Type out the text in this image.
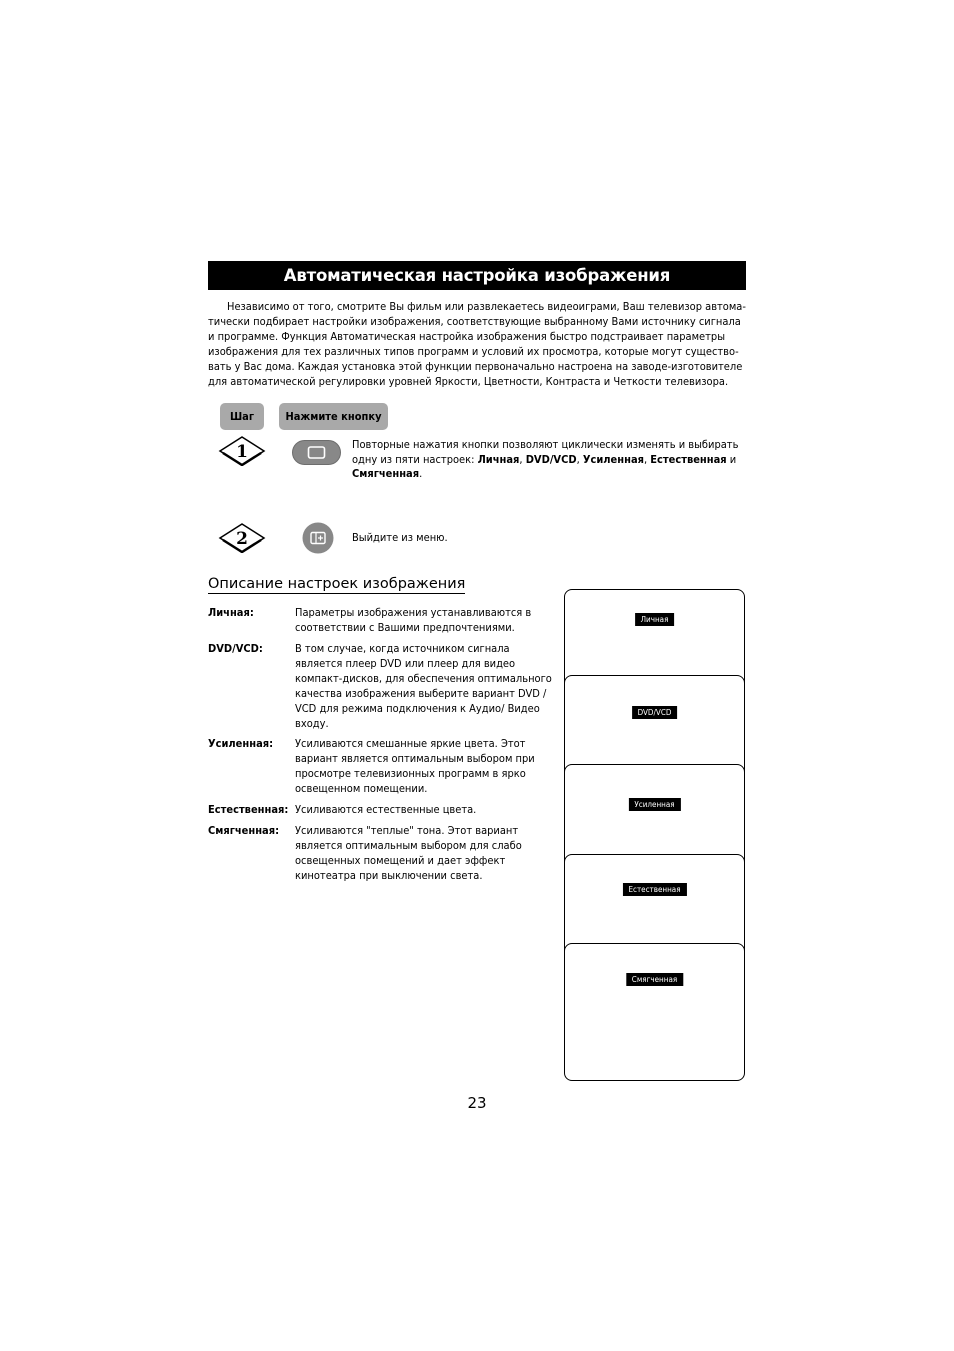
Автоматическая настройка изображения

Независимо от того, смотрите Вы фильм или развлекаетесь видеоиграми, Ваш телевизор автома-
тически подбирает настройки изображения, соответствующие выбранному Вами источнику сигнала
и программе. Функция Автоматическая настройка изображения быстро подстраивает параметры
изображения для тех различных типов программ и условий их просмотра, которые могут существо-
вать у Вас дома. Каждая установка этой функции первоначально настроена на заводе-изготовителе
для автоматической регулировки уровней Яркости, Цветности, Контраста и Четкости телевизора.

Шаг	Нажмите кнопку
1	Повторные нажатия кнопки позволяют циклически изменять и выбирать
одну из пяти настроек: Личная, DVD/VCD, Усиленная, Естественная и
Смягченная.
2	Выйдите из меню.
Описание настроек изображения
Личная:	Параметры изображения устанавливаются в
соответствии с Вашими предпочтениями.
DVD/VCD:	В том случае, когда источником сигнала
является плеер DVD или плеер для видео
компакт-дисков, для обеспечения оптимального
качества изображения выберите вариант DVD /
VCD для режима подключения к Аудио/ Видео
входу.
Усиленная: Усиливаются смешанные яркие цвета. Этот
вариант является оптимальным выбором при
просмотре телевизионных программ в ярко
освещенном помещении.
Естественная: Усиливаются естественные цвета.
Смягченная: Усиливаются "теплые" тона. Этот вариант
является оптимальным выбором для слабо
освещенных помещений и дает эффект
кинотеатра при выключении света.
Личная
DVD/VCD
Усиленная
Естественная
Смягченная
23
